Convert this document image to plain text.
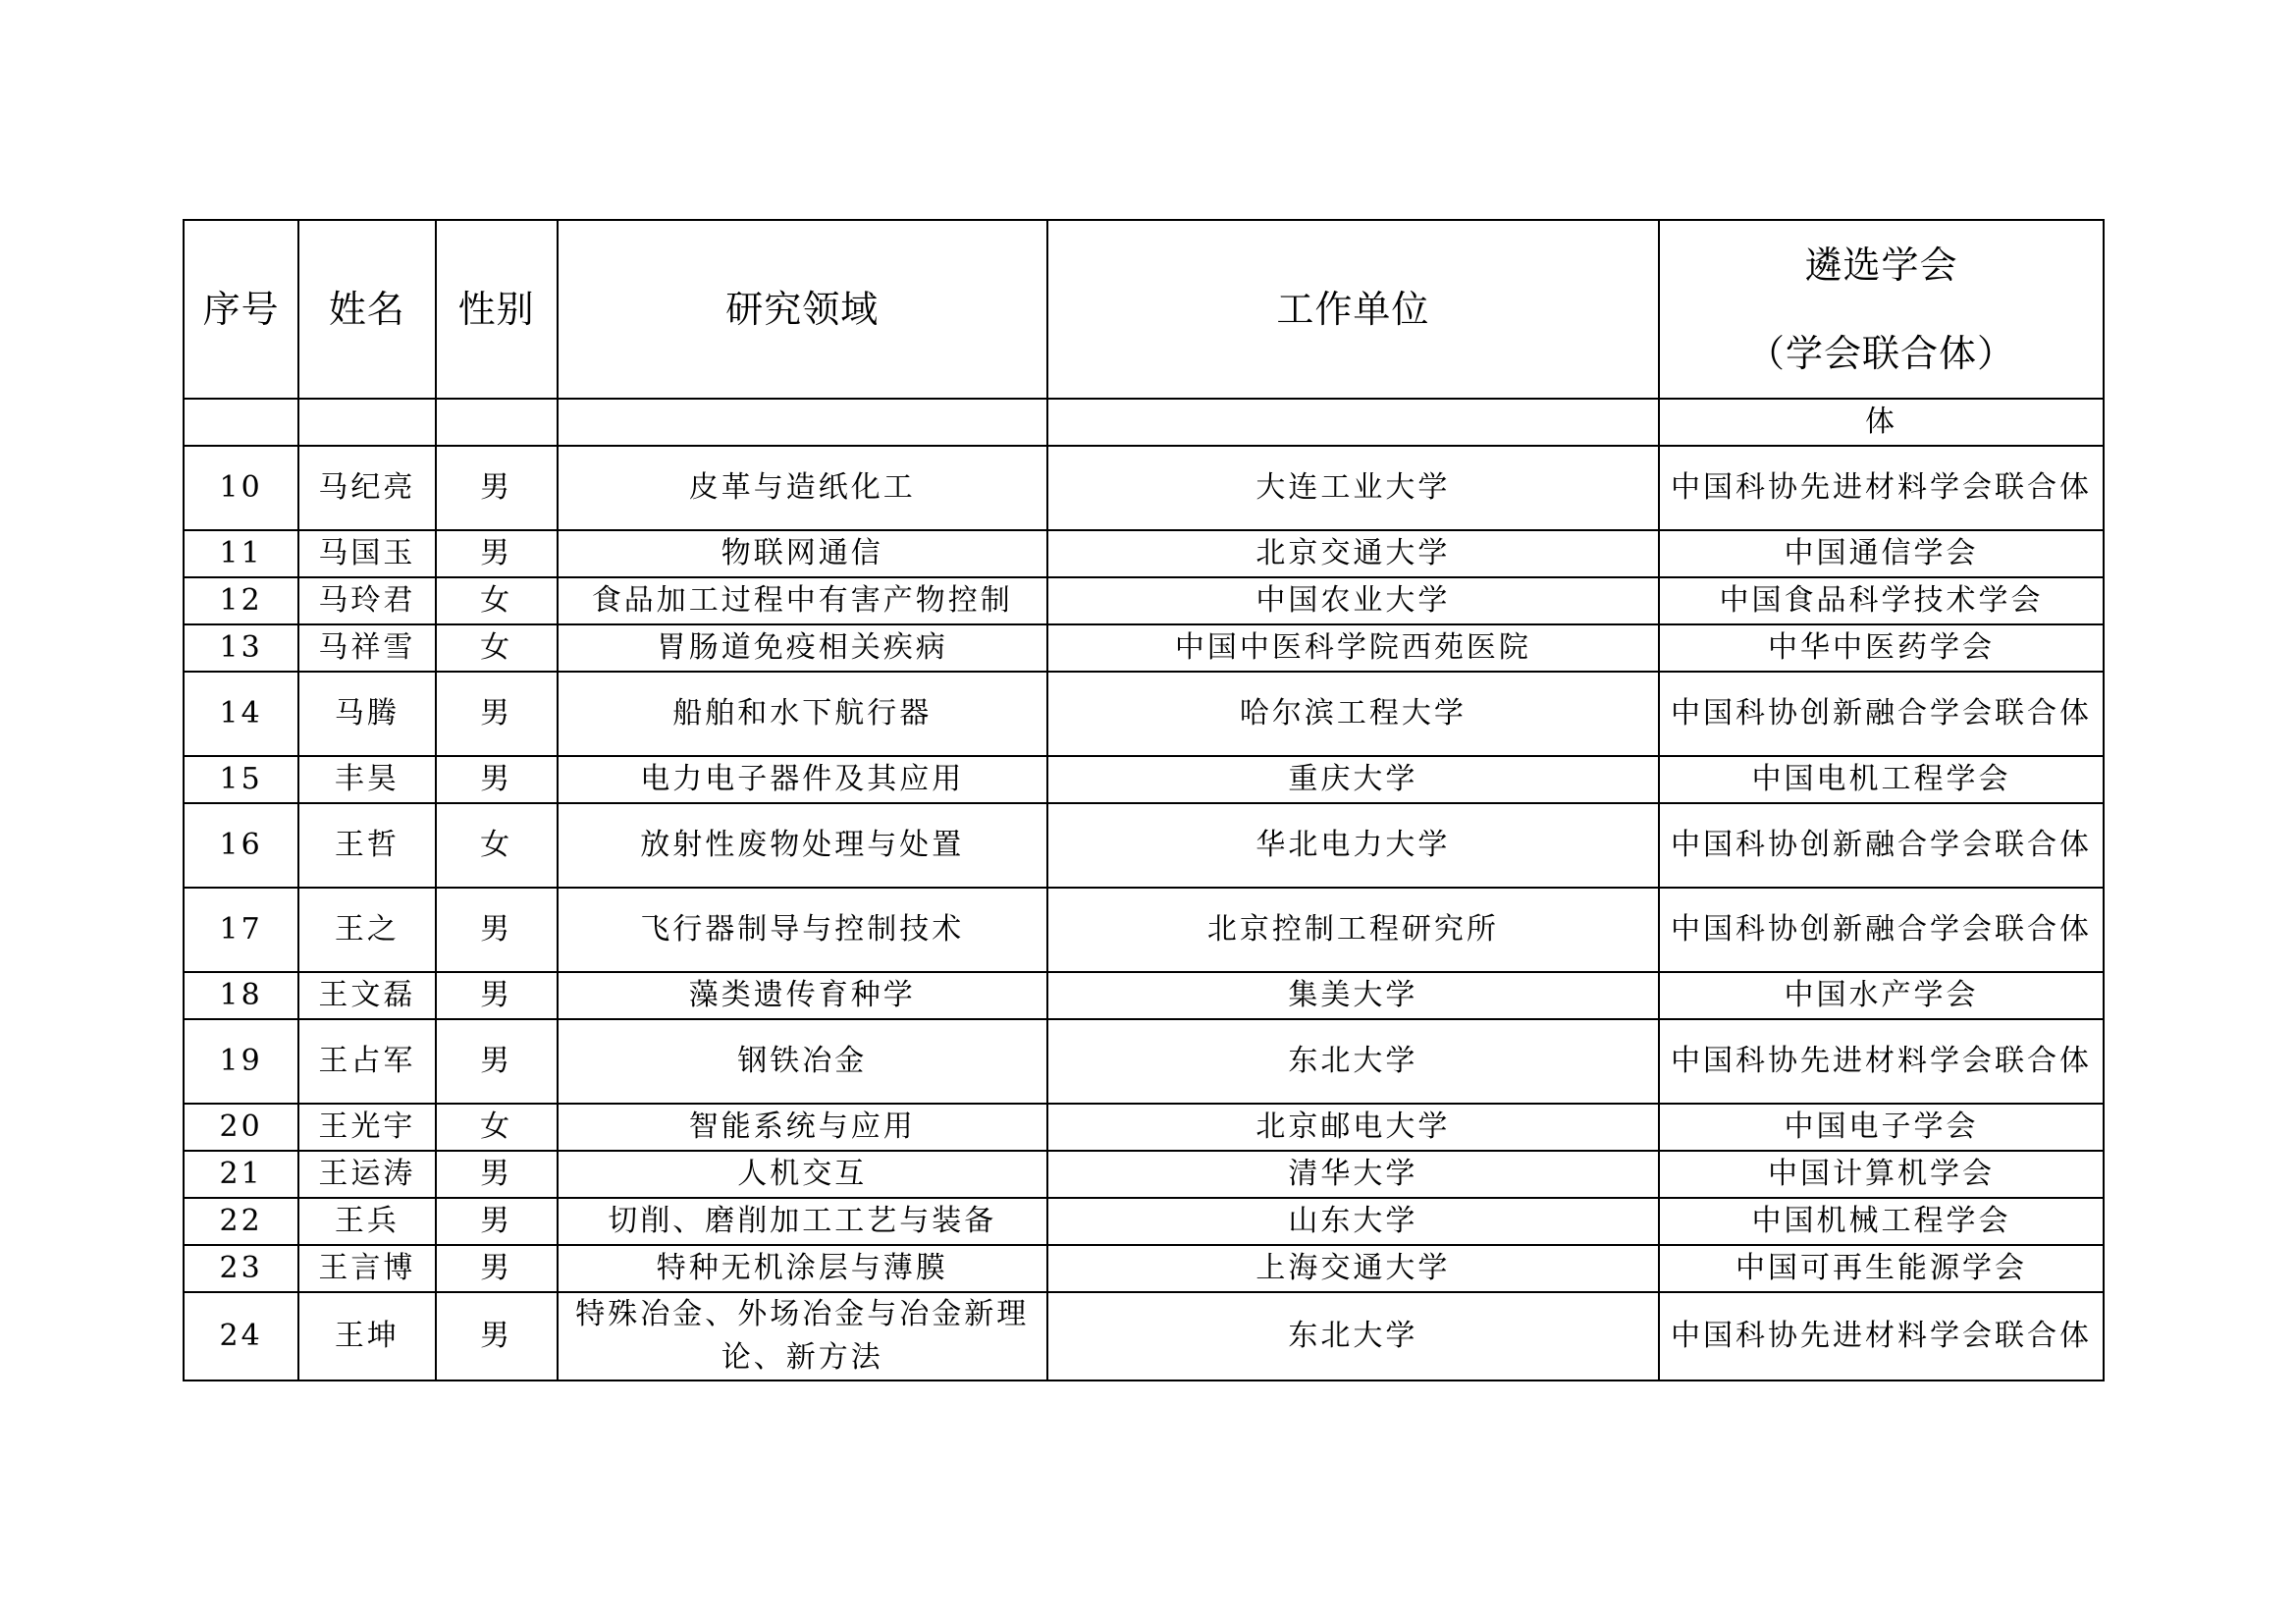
序号	姓名	性别	研究领域	工作单位	遴选学会
（学会联合体）

					体
10	马纪亮	男	皮革与造纸化工	大连工业大学	中国科协先进材料学会联合体
11	马国玉	男	物联网通信	北京交通大学	中国通信学会
12	马玲君	女	食品加工过程中有害产物控制	中国农业大学	中国食品科学技术学会
13	马祥雪	女	胃肠道免疫相关疾病	中国中医科学院西苑医院	中华中医药学会
14	马腾	男	船舶和水下航行器	哈尔滨工程大学	中国科协创新融合学会联合体
15	丰昊	男	电力电子器件及其应用	重庆大学	中国电机工程学会
16	王哲	女	放射性废物处理与处置	华北电力大学	中国科协创新融合学会联合体
17	王之	男	飞行器制导与控制技术	北京控制工程研究所	中国科协创新融合学会联合体
18	王文磊	男	藻类遗传育种学	集美大学	中国水产学会
19	王占军	男	钢铁冶金	东北大学	中国科协先进材料学会联合体
20	王光宇	女	智能系统与应用	北京邮电大学	中国电子学会
21	王运涛	男	人机交互	清华大学	中国计算机学会
22	王兵	男	切削、磨削加工工艺与装备	山东大学	中国机械工程学会
23	王言博	男	特种无机涂层与薄膜	上海交通大学	中国可再生能源学会
24	王坤	男	特殊冶金、外场冶金与冶金新理论、新方法	东北大学	中国科协先进材料学会联合体
